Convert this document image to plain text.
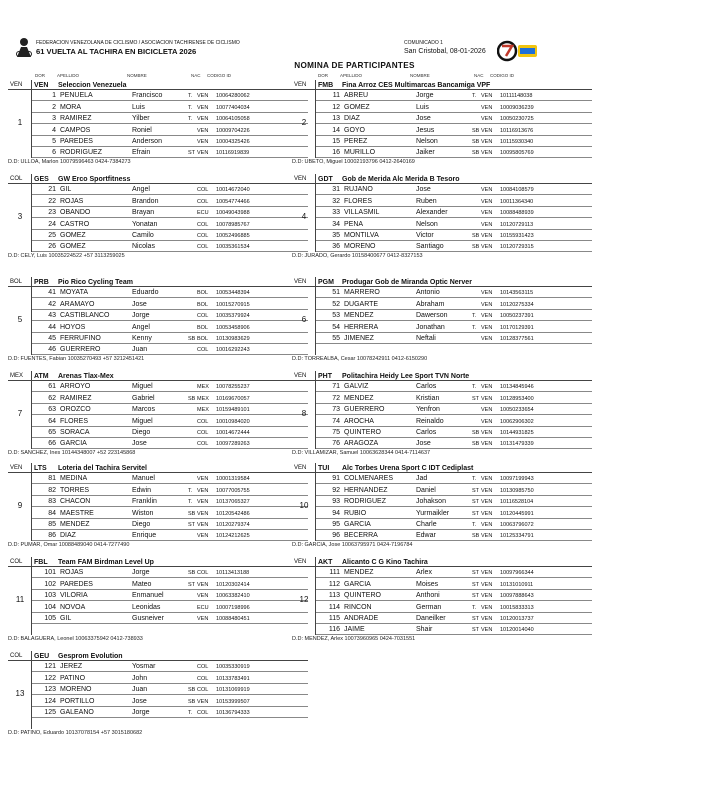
FEDERACION VENEZOLANA DE CICLISMO / ASOCIACION TACHIRENSE DE CICLISMO
61 VUELTA AL TACHIRA EN BICICLETA 2026
COMUNICADO 1
San Cristobal, 08-01-2026
NOMINA DE PARTICIPANTES
DOR	APELLIDO	NOMBRE	NAC CODIGO ID	DOR	APELLIDO	NOMBRE	NAC CODIGO ID
VEN VEN Seleccion Venezuela
1
1 PENUELA	Francisco	T. VEN 10064280062
2 MORA	Luis	T. VEN 10077404034
3 RAMIREZ	Yilber	T. VEN 10064105058
4 CAMPOS	Roniel	VEN 10009704226
5 PAREDES	Anderson	VEN 10004325426
6 RODRIGUEZ	Efrain	ST VEN 10116919839
D.D: ULLOA, Marlon 10079596463 0424-7384273
VEN FMB Fina Arroz CES Multimarcas Bancamiga VPF
2
11 ABREU	Jorge	T. VEN 10111148038
12 GOMEZ	Luis	VEN 10009036239
13 DIAZ	Jose	VEN 10050230725
14 GOYO	Jesus	SB VEN 10116913676
15 PEREZ	Nelson	SB VEN 10115930340
16 MURILLO	Jaiker	SB VEN 10095805769
D.D: UBETO, Miguel 10002193796 0412-2640169
COL GES GW Erco Sportfitness
3
21 GIL	Angel	COL 10014672040
22 ROJAS	Brandon	COL 10054774466
23 OBANDO	Brayan	ECU 10049043988
24 CASTRO	Yonatan	COL 10078985767
25 GOMEZ	Camilo	COL 10052496885
26 GOMEZ	Nicolas	COL 10035361534
D.D: CELY, Luis 10035224522 +57 3113259025
VEN GDT Gob de Merida Alc Merida B Tesoro
4
31 RUJANO	Jose	VEN 10084108579
32 FLORES	Ruben	VEN 10011364340
33 VILLASMIL	Alexander	VEN 10088488939
34 PENA	Nelson	VEN 10120729113
35 MONTILVA	Victor	SB VEN 10155931423
36 MORENO	Santiago	SB VEN 10120729315
D.D: JURADO, Gerardo 10158400677 0412-8327153
BOL PRB Pio Rico Cycling Team
5
41 MOYATA	Eduardo	BOL 10053448394
42 ARAMAYO	Jose	BOL 10015270915
43 CASTIBLANCO	Jorge	COL 10035379924
44 HOYOS	Angel	BOL 10053458906
45 FERRUFINO	Kenny	SB BOL 10130983629
46 GUERRERO	Juan	COL 10016292243
D.D: FUENTES, Fabian 10035270493 +57 3212451421
VEN PGM Produgar Gob de Miranda Optic Nerver
6
51 MARRERO	Antonio	VEN 10143563115
52 DUGARTE	Abraham	VEN 10120275334
53 MENDEZ	Dawerson	T. VEN 10050237391
54 HERRERA	Jonathan	T. VEN 10170129391
55 JIMENEZ	Neftali	VEN 10128377561
D.D: TORREALBA, Cesar 10078242911 0412-6150290
MEX ATM Arenas Tlax-Mex
7
61 ARROYO	Miguel	MEX 10078255237
62 RAMIREZ	Gabriel	SB MEX 10169670057
63 OROZCO	Marcos	MEX 10159489101
64 FLORES	Miguel	COL 10010984020
65 SORACA	Diego	COL 10014672444
66 GARCIA	Jose	COL 10097289263
D.D: SANCHEZ, Ines 10144348007 +52 223145868
VEN PHT Politachira Heidy Lee Sport TVN Norte
8
71 GALVIZ	Carlos	T. VEN 10134845946
72 MENDEZ	Kristian	ST VEN 10128953400
73 GUERRERO	Yenfron	VEN 10050233654
74 AROCHA	Reinaldo	VEN 10062906302
75 QUINTERO	Carlos	SB VEN 10144931825
76 ARAGOZA	Jose	SB VEN 10131479339
D.D: VILLAMIZAR, Samuel 10063628344 0414-7114637
VEN LTS Loteria del Tachira Servitel
9
81 MEDINA	Manuel	VEN 10001319584
82 TORRES	Edwin	T. VEN 10077005755
83 CHACON	Franklin	T. VEN 10137065327
84 MAESTRE	Wiston	SB VEN 10120542486
85 MENDEZ	Diego	ST VEN 10120279374
86 DIAZ	Enrique	VEN 10124212625
D.D: PUMAR, Omar 10088489040 0414-7277490
VEN TUI Alc Torbes Urena Sport C IDT Cediplast
10
91 COLMENARES	Jad	T. VEN 10097199943
92 HERNANDEZ	Daniel	ST VEN 10130985750
93 RODRIGUEZ	Johakson	ST VEN 10116528104
94 RUBIO	Yurmaikler	ST VEN 10120445991
95 GARCIA	Charle	T. VEN 10063796072
96 BECERRA	Edwar	SB VEN 10125334791
D.D: GARCIA, Jose 10063795971 0424-7196784
COL FBL Team FAM Birdman Level Up
11
101 ROJAS	Jorge	SB COL 10113413188
102 PAREDES	Mateo	ST VEN 10120302414
103 VILORIA	Enmanuel	VEN 10063382410
104 NOVOA	Leonidas	ECU 10007198996
105 GIL	Gusneiver	VEN 10088480451
D.D: BALAGUERA, Leonel 10063375942 0412-738933
VEN AKT Alicanto C G Kino Tachira
12
111 MENDEZ	Arlex	ST VEN 10097966344
112 GARCIA	Moises	ST VEN 10131010911
113 QUINTERO	Anthoni	ST VEN 10097888643
114 RINCON	German	T. VEN 10015833313
115 ANDRADE	Daneilker	ST VEN 10120013737
116 JAIME	Shair	ST VEN 10120014040
D.D: MENDEZ, Arlex 10073960965 0424-7031551
COL GEU Gesprom Evolution
13
121 JEREZ	Yosmar	COL 10035330919
122 PATINO	John	COL 10133783491
123 MORENO	Juan	SB COL 10131069919
124 PORTILLO	Jose	SB VEN 10153999507
125 GALEANO	Jorge	T. COL 10136794333
D.D: PATINO, Eduardo 10137078154 +57 3015180682
